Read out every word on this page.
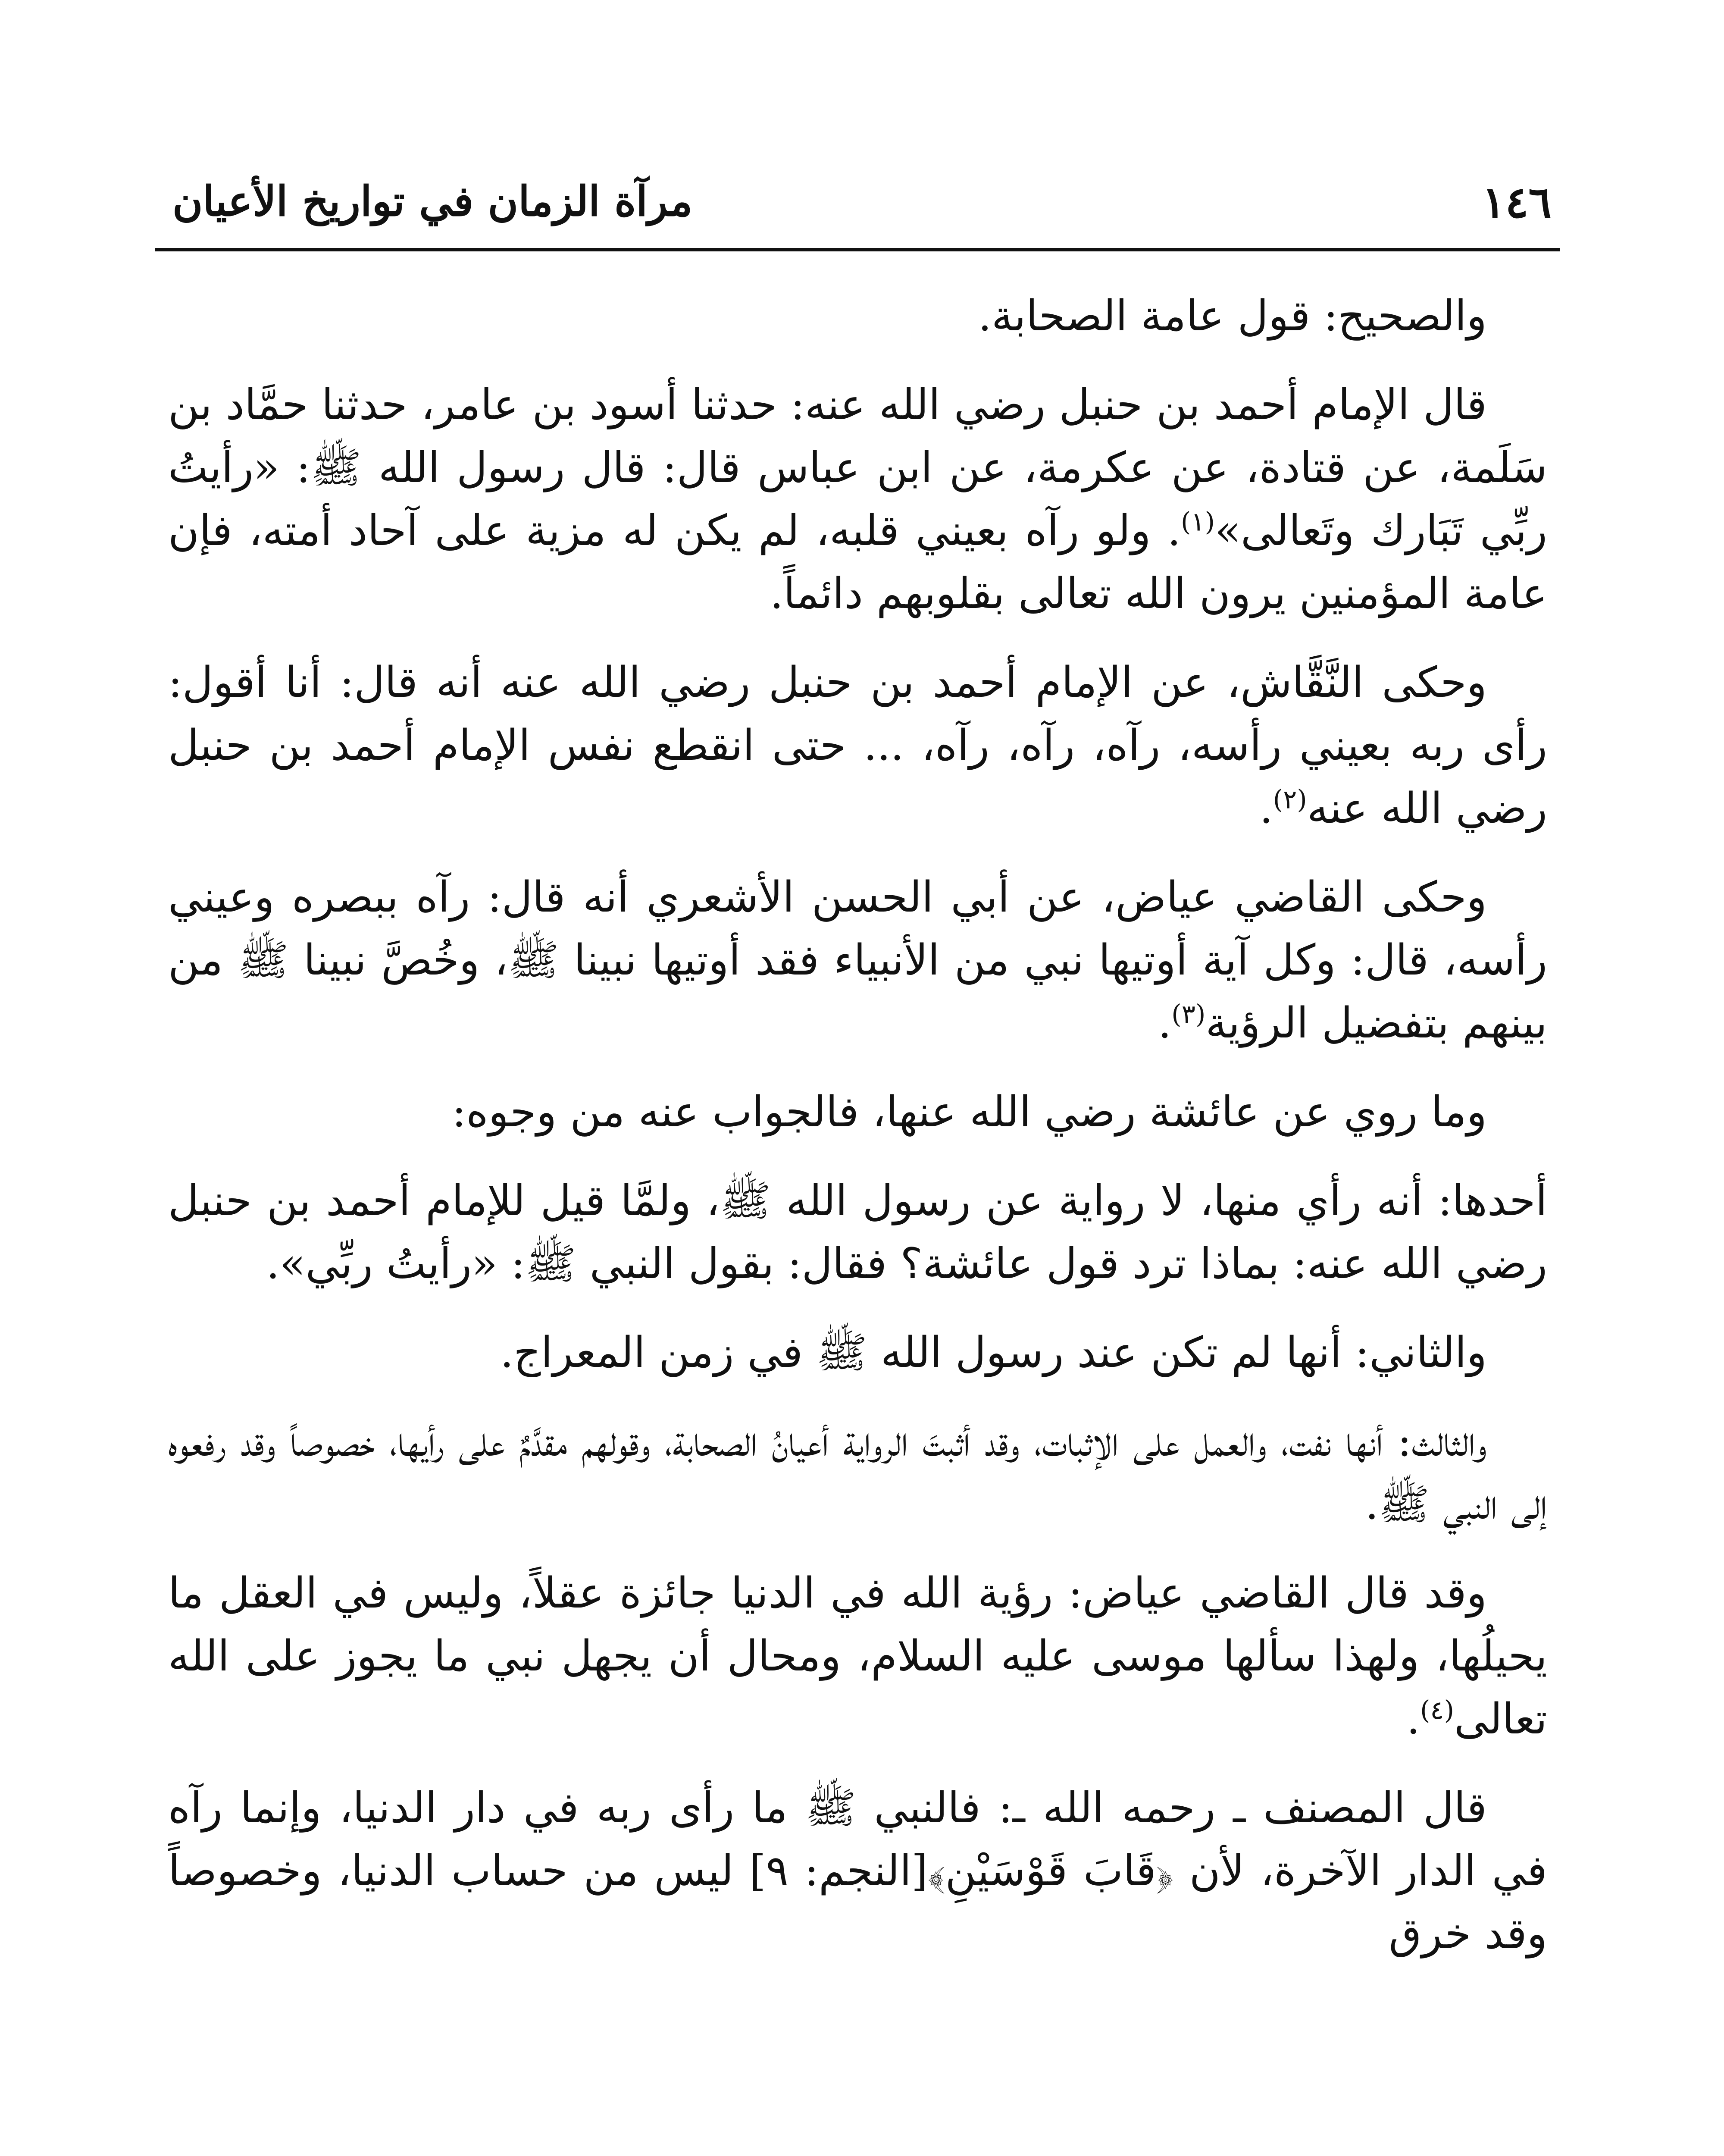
١٤٦
مرآة الزمان في تواريخ الأعيان

والصحيح: قول عامة الصحابة.

قال الإمام أحمد بن حنبل رضي الله عنه: حدثنا أسود بن عامر، حدثنا حمَّاد بن سَلَمة، عن قتادة، عن عكرمة، عن ابن عباس قال: قال رسول الله ﷺ: «رأيتُ ربِّي تَبَارك وتَعالى»$^{(١)}$. ولو رآه بعيني قلبه، لم يكن له مزية على آحاد أمته، فإن عامة المؤمنين يرون الله تعالى بقلوبهم دائماً.

وحكى النَّقَّاش، عن الإمام أحمد بن حنبل رضي الله عنه أنه قال: أنا أقول: رأى ربه بعيني رأسه، رآه، رآه، رآه، ... حتى انقطع نفس الإمام أحمد بن حنبل رضي الله عنه$^{(٢)}$.

وحكى القاضي عياض، عن أبي الحسن الأشعري أنه قال: رآه ببصره وعيني رأسه، قال: وكل آية أوتيها نبي من الأنبياء فقد أوتيها نبينا ﷺ، وخُصَّ نبينا ﷺ من بينهم بتفضيل الرؤية$^{(٣)}$.

وما روي عن عائشة رضي الله عنها، فالجواب عنه من وجوه:

أحدها: أنه رأي منها، لا رواية عن رسول الله ﷺ، ولمَّا قيل للإمام أحمد بن حنبل رضي الله عنه: بماذا ترد قول عائشة؟ فقال: بقول النبي ﷺ: «رأيتُ ربِّي».

والثاني: أنها لم تكن عند رسول الله ﷺ في زمن المعراج.

والثالث: أنها نفت، والعمل على الإثبات، وقد أثبتَ الرواية أعيانُ الصحابة، وقولهم مقدَّمٌ على رأيها، خصوصاً وقد رفعوه إلى النبي ﷺ.

وقد قال القاضي عياض: رؤية الله في الدنيا جائزة عقلاً، وليس في العقل ما يحيلُها، ولهذا سألها موسى عليه السلام، ومحال أن يجهل نبي ما يجوز على الله تعالى$^{(٤)}$.

قال المصنف ـ رحمه الله ـ: فالنبي ﷺ ما رأى ربه في دار الدنيا، وإنما رآه في الدار الآخرة، لأن ﴿قَابَ قَوْسَيْنِ﴾[النجم: ٩] ليس من حساب الدنيا، وخصوصاً وقد خرق
